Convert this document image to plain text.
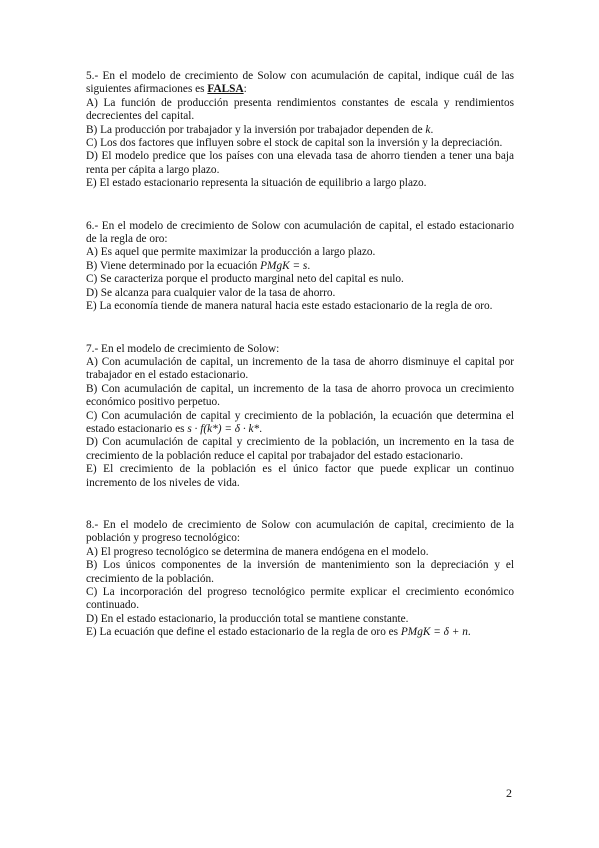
5.- En el modelo de crecimiento de Solow con acumulación de capital, indique cuál de las siguientes afirmaciones es FALSA:

A) La función de producción presenta rendimientos constantes de escala y rendimientos decrecientes del capital.

B) La producción por trabajador y la inversión por trabajador dependen de k.

C) Los dos factores que influyen sobre el stock de capital son la inversión y la depreciación.

D) El modelo predice que los países con una elevada tasa de ahorro tienden a tener una baja renta per cápita a largo plazo.

E) El estado estacionario representa la situación de equilibrio a largo plazo.

6.- En el modelo de crecimiento de Solow con acumulación de capital, el estado estacionario de la regla de oro:

A) Es aquel que permite maximizar la producción a largo plazo.

B) Viene determinado por la ecuación PMgK = s.

C) Se caracteriza porque el producto marginal neto del capital es nulo.

D) Se alcanza para cualquier valor de la tasa de ahorro.

E) La economía tiende de manera natural hacia este estado estacionario de la regla de oro.

7.- En el modelo de crecimiento de Solow:

A) Con acumulación de capital, un incremento de la tasa de ahorro disminuye el capital por trabajador en el estado estacionario.

B) Con acumulación de capital, un incremento de la tasa de ahorro provoca un crecimiento económico positivo perpetuo.

C) Con acumulación de capital y crecimiento de la población, la ecuación que determina el estado estacionario es s · f(k*) = δ · k*.

D) Con acumulación de capital y crecimiento de la población, un incremento en la tasa de crecimiento de la población reduce el capital por trabajador del estado estacionario.

E) El crecimiento de la población es el único factor que puede explicar un continuo incremento de los niveles de vida.

8.- En el modelo de crecimiento de Solow con acumulación de capital, crecimiento de la población y progreso tecnológico:

A) El progreso tecnológico se determina de manera endógena en el modelo.

B) Los únicos componentes de la inversión de mantenimiento son la depreciación y el crecimiento de la población.

C) La incorporación del progreso tecnológico permite explicar el crecimiento económico continuado.

D) En el estado estacionario, la producción total se mantiene constante.

E) La ecuación que define el estado estacionario de la regla de oro es PMgK = δ + n.

2
